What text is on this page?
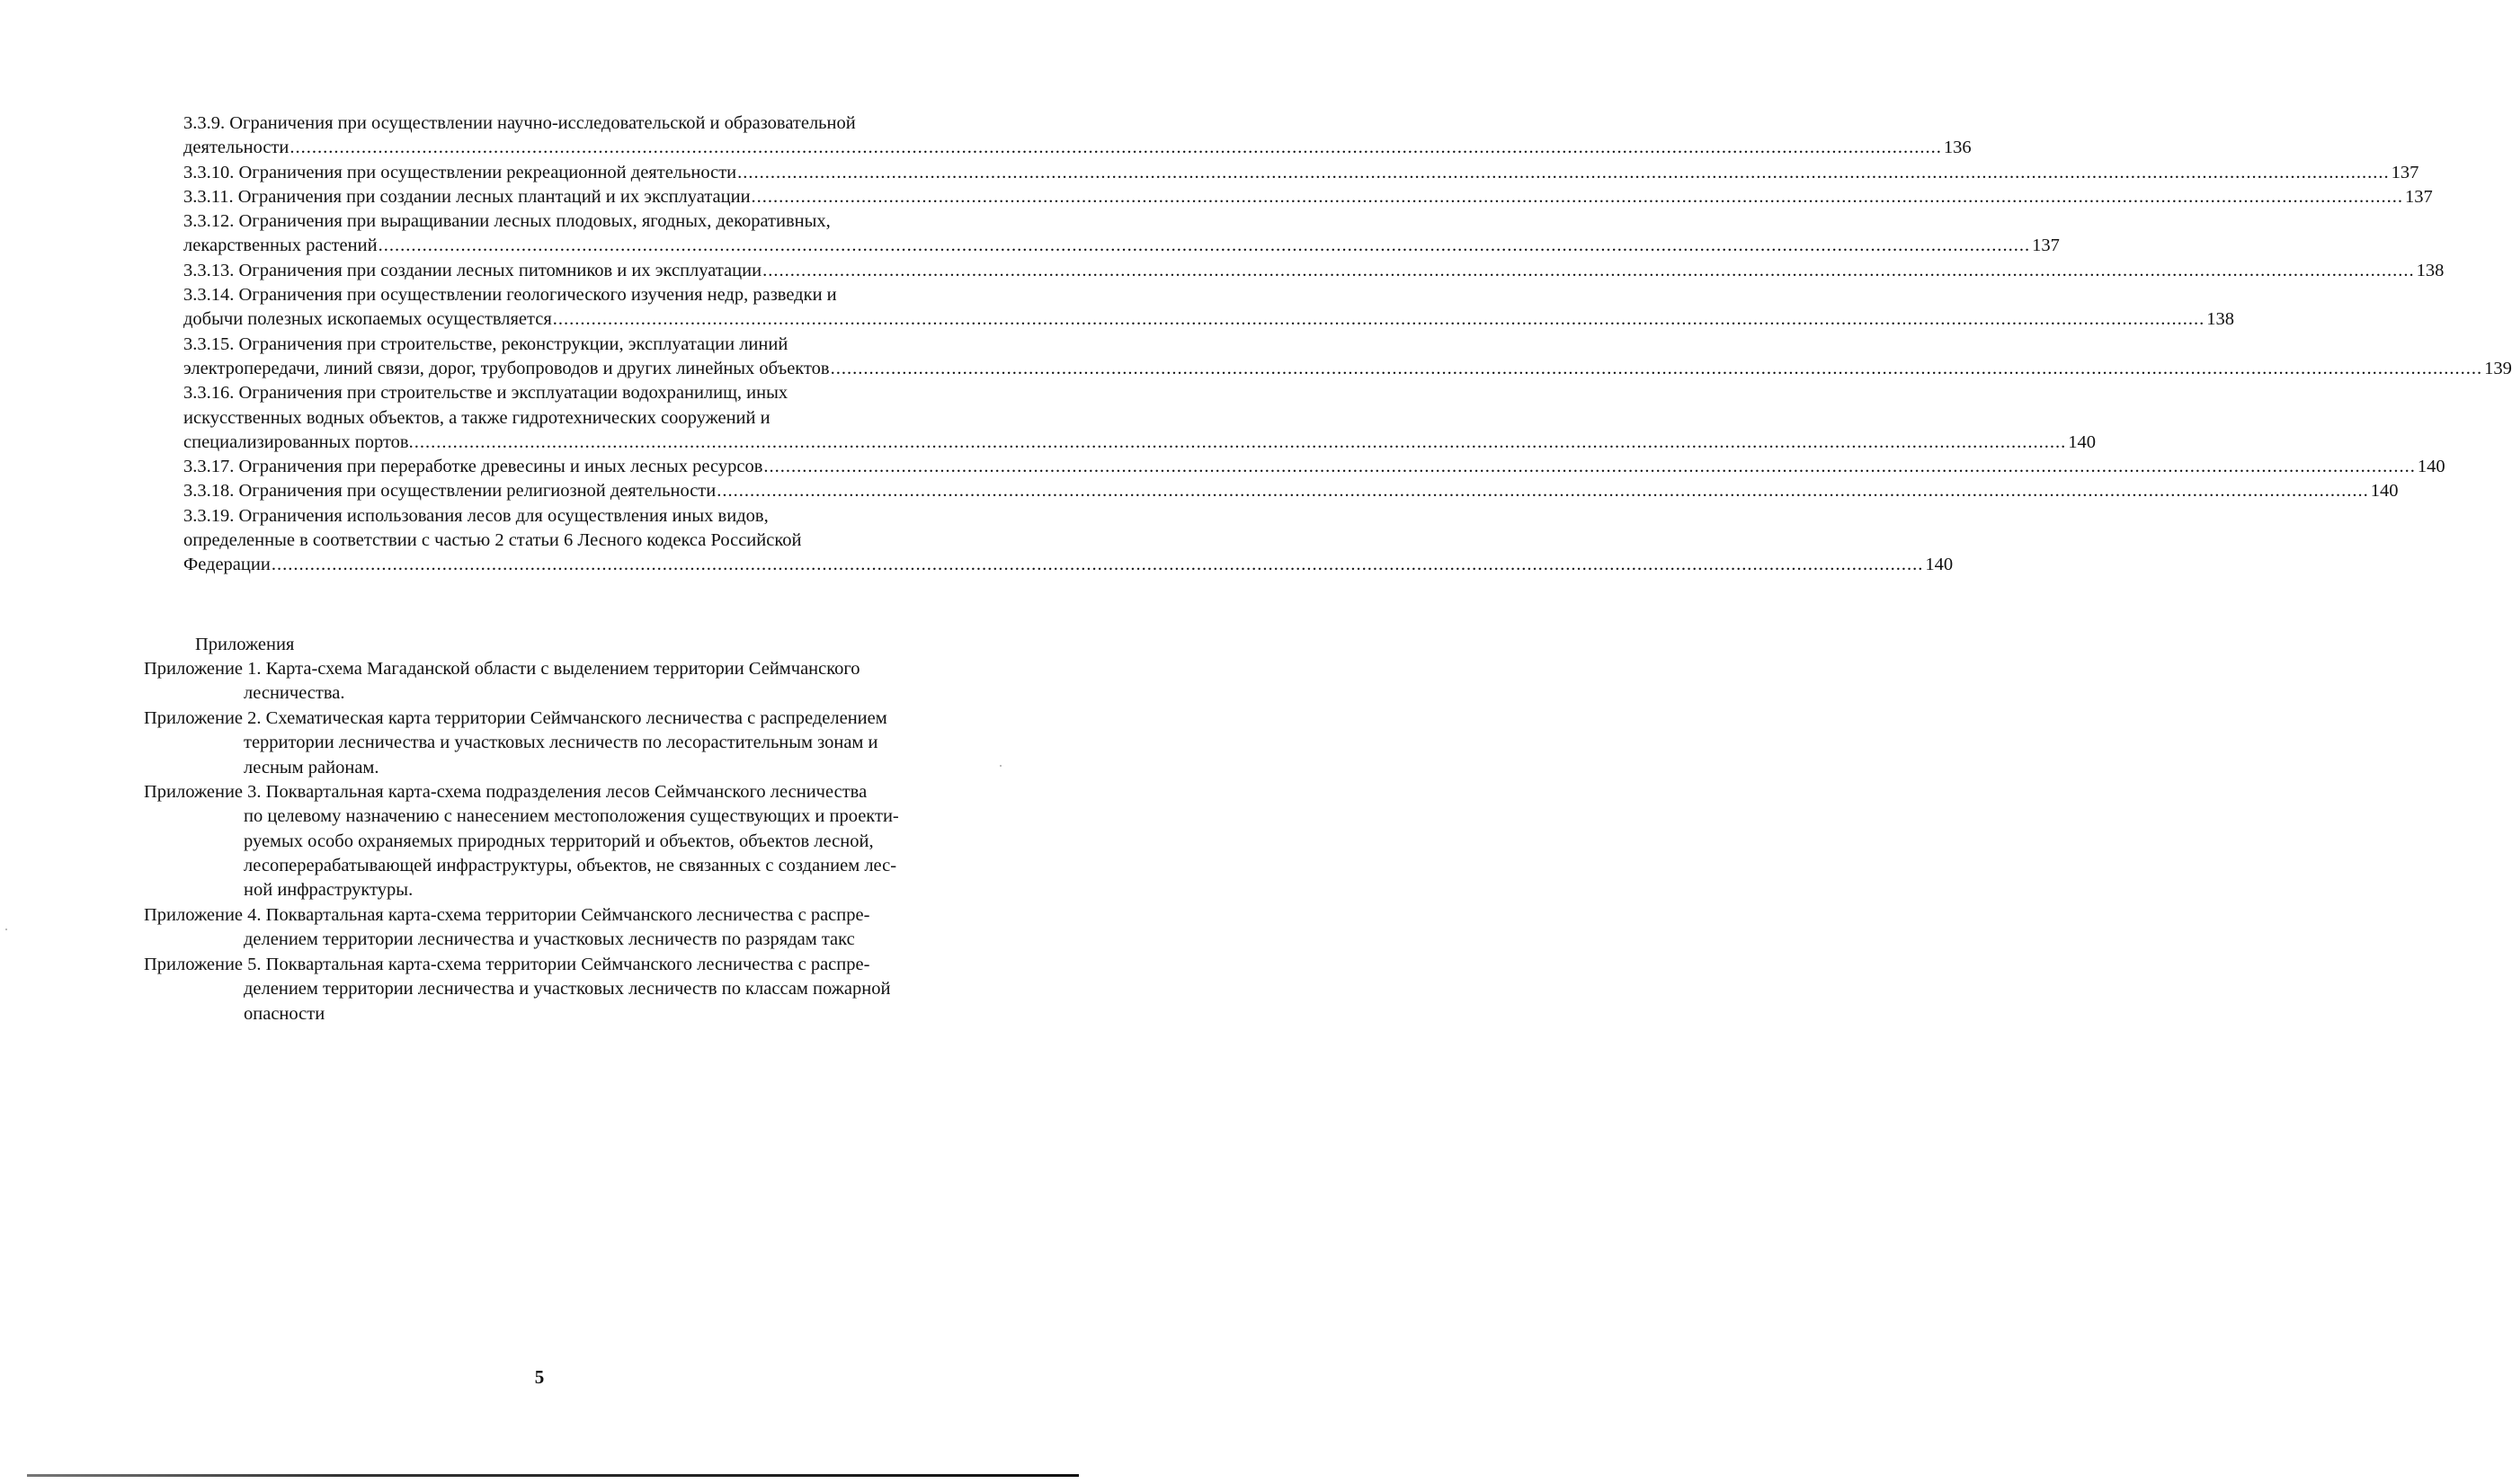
3.3.9. Ограничения при осуществлении научно-исследовательской и образовательной
деятельности ............................................................................................................................................................................................................................................................................................................ 136
3.3.10. Ограничения при осуществлении рекреационной деятельности ............................................................................................................................................................................................................................................................................................................ 137
3.3.11. Ограничения при создании лесных плантаций и их эксплуатации ............................................................................................................................................................................................................................................................................................................ 137
3.3.12. Ограничения при выращивании лесных плодовых, ягодных, декоративных,
лекарственных растений ............................................................................................................................................................................................................................................................................................................ 137
3.3.13. Ограничения при создании лесных питомников и их эксплуатации ............................................................................................................................................................................................................................................................................................................ 138
3.3.14. Ограничения при осуществлении геологического изучения недр, разведки и
добычи полезных ископаемых осуществляется ............................................................................................................................................................................................................................................................................................................ 138
3.3.15. Ограничения при строительстве, реконструкции, эксплуатации линий
электропередачи, линий связи, дорог, трубопроводов и других линейных объектов ............................................................................................................................................................................................................................................................................................................ 139
3.3.16. Ограничения при строительстве и эксплуатации водохранилищ, иных
искусственных водных объектов, а также гидротехнических сооружений и
специализированных портов. ............................................................................................................................................................................................................................................................................................................ 140
3.3.17. Ограничения при переработке древесины и иных лесных ресурсов ............................................................................................................................................................................................................................................................................................................ 140
3.3.18. Ограничения при осуществлении религиозной деятельности ............................................................................................................................................................................................................................................................................................................ 140
3.3.19. Ограничения использования лесов для осуществления иных видов,
определенные в соответствии с частью 2 статьи 6 Лесного кодекса Российской
Федерации ............................................................................................................................................................................................................................................................................................................ 140
Приложения
Приложение 1. Карта-схема Магаданской области с выделением территории Сеймчанского
лесничества.
Приложение 2. Схематическая карта территории Сеймчанского лесничества с распределением
территории лесничества и участковых лесничеств по лесорастительным зонам и
лесным районам.
Приложение 3. Поквартальная карта-схема подразделения лесов Сеймчанского лесничества
по целевому назначению с нанесением местоположения существующих и проекти-
руемых особо охраняемых природных территорий и объектов, объектов лесной,
лесоперерабатывающей инфраструктуры, объектов, не связанных с созданием лес-
ной инфраструктуры.
Приложение 4. Поквартальная карта-схема территории Сеймчанского лесничества с распре-
делением территории лесничества и участковых лесничеств по разрядам такс
Приложение 5. Поквартальная карта-схема территории Сеймчанского лесничества с распре-
делением территории лесничества и участковых лесничеств по классам пожарной
опасности
5
